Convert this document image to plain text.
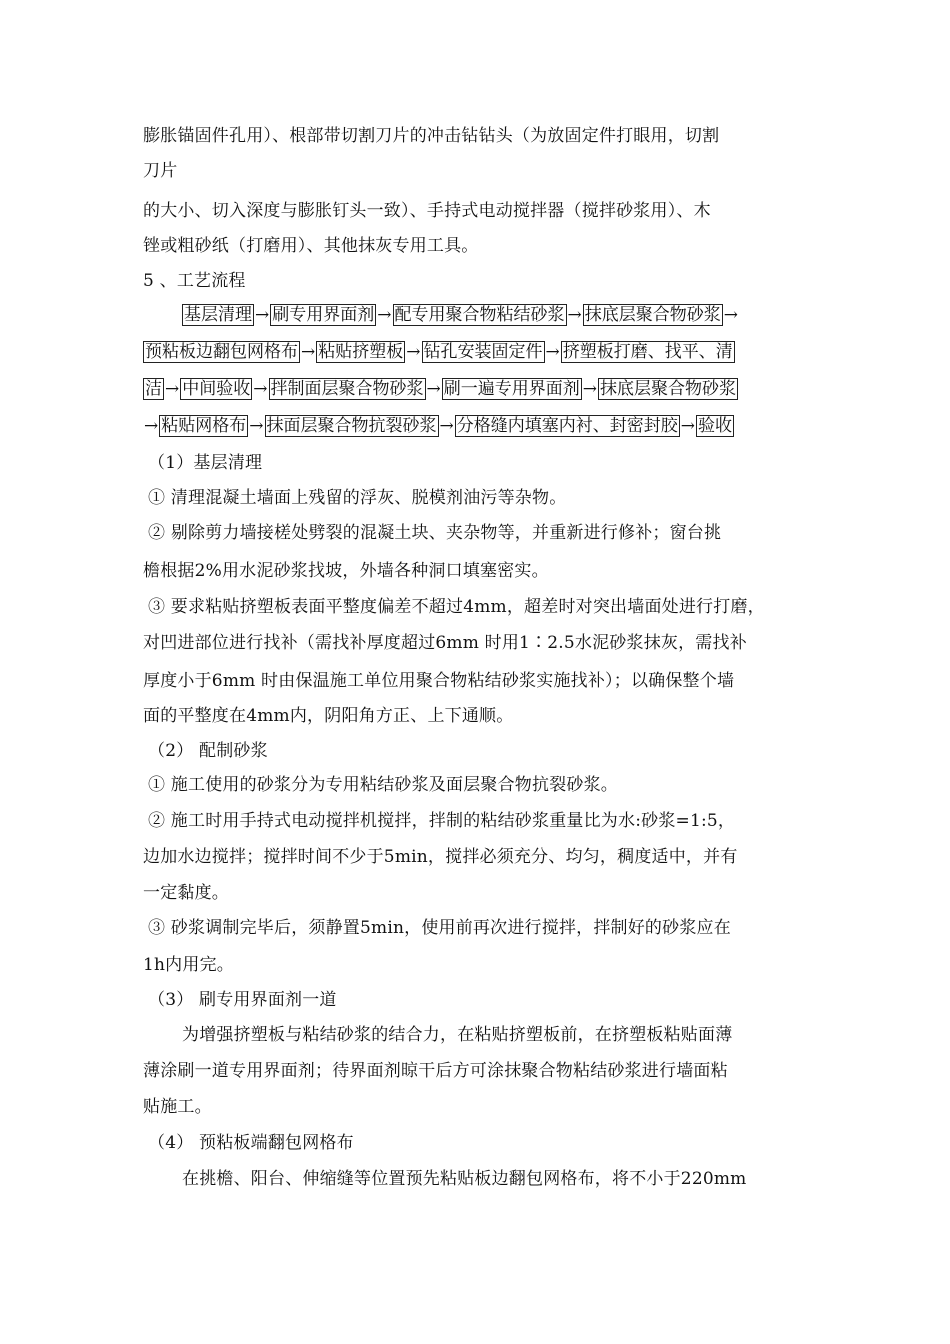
膨胀锚固件孔用）、根部带切割刀片的冲击钻钻头（为放固定件打眼用，切割
刀片
的大小、切入深度与膨胀钉头一致）、手持式电动搅拌器（搅拌砂浆用）、木
锉或粗砂纸（打磨用）、其他抹灰专用工具。
5 、工艺流程
基层清理 → 刷专用界面剂 → 配专用聚合物粘结砂浆 → 抹底层聚合物砂浆 →
预粘板边翻包网格布 → 粘贴挤塑板 → 钻孔安装固定件 → 挤塑板打磨、找平、清
洁 → 中间验收 → 拌制面层聚合物砂浆 → 刷一遍专用界面剂 → 抹底层聚合物砂浆
→ 粘贴网格布 → 抹面层聚合物抗裂砂浆 → 分格缝内填塞内衬、封密封胶 → 验收
（1）基层清理
① 清理混凝土墙面上残留的浮灰、脱模剂油污等杂物。
② 剔除剪力墙接槎处劈裂的混凝土块、夹杂物等，并重新进行修补；窗台挑
檐根据2%用水泥砂浆找坡，外墙各种洞口填塞密实。
③ 要求粘贴挤塑板表面平整度偏差不超过4mm，超差时对突出墙面处进行打磨，
对凹进部位进行找补（需找补厚度超过6mm 时用1∶2.5水泥砂浆抹灰，需找补
厚度小于6mm 时由保温施工单位用聚合物粘结砂浆实施找补）；以确保整个墙
面的平整度在4mm内，阴阳角方正、上下通顺。
（2） 配制砂浆
① 施工使用的砂浆分为专用粘结砂浆及面层聚合物抗裂砂浆。
② 施工时用手持式电动搅拌机搅拌，拌制的粘结砂浆重量比为水:砂浆=1:5，
边加水边搅拌；搅拌时间不少于5min，搅拌必须充分、均匀，稠度适中，并有
一定黏度。
③ 砂浆调制完毕后，须静置5min，使用前再次进行搅拌，拌制好的砂浆应在
1h内用完。
（3） 刷专用界面剂一道
为增强挤塑板与粘结砂浆的结合力，在粘贴挤塑板前，在挤塑板粘贴面薄
薄涂刷一道专用界面剂；待界面剂晾干后方可涂抹聚合物粘结砂浆进行墙面粘
贴施工。
（4） 预粘板端翻包网格布
在挑檐、阳台、伸缩缝等位置预先粘贴板边翻包网格布，将不小于220mm
